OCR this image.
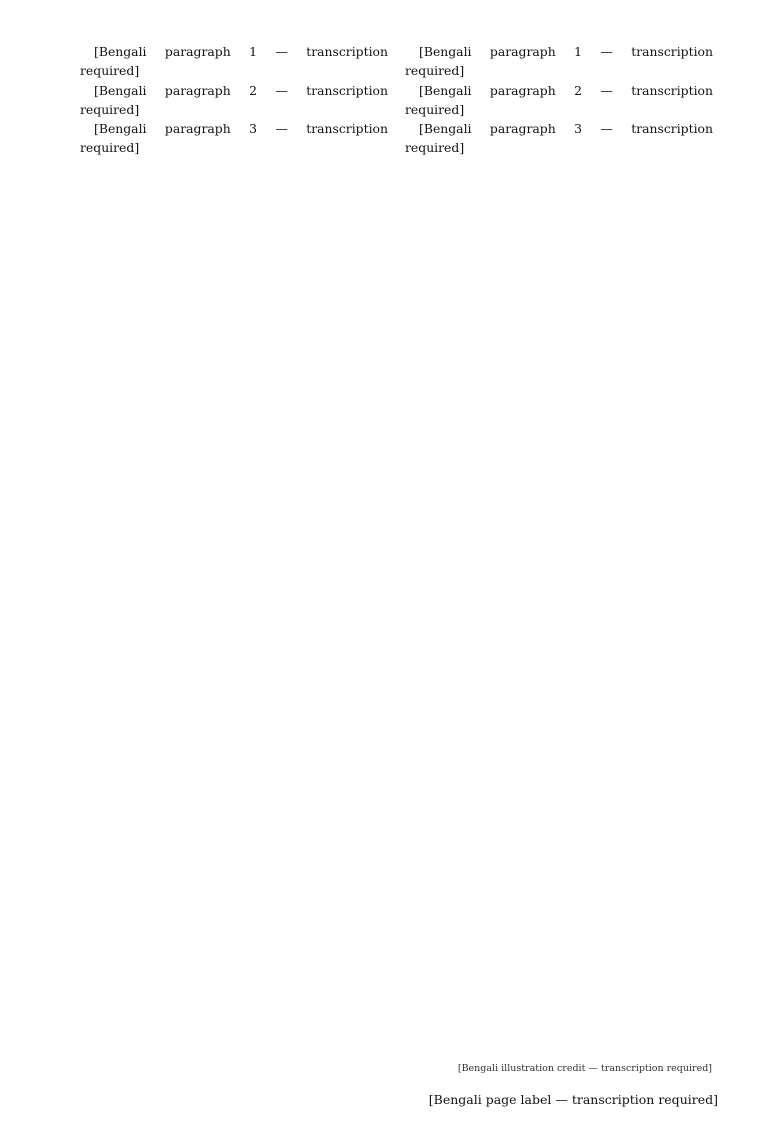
[Bengali paragraph 1 — transcription required]

[Bengali paragraph 2 — transcription required]

[Bengali paragraph 3 — transcription required]

[Bengali paragraph 1 — transcription required]

[Bengali paragraph 2 — transcription required]

[Bengali paragraph 3 — transcription required]

[Bengali illustration credit — transcription required]
[Bengali page label — transcription required]
